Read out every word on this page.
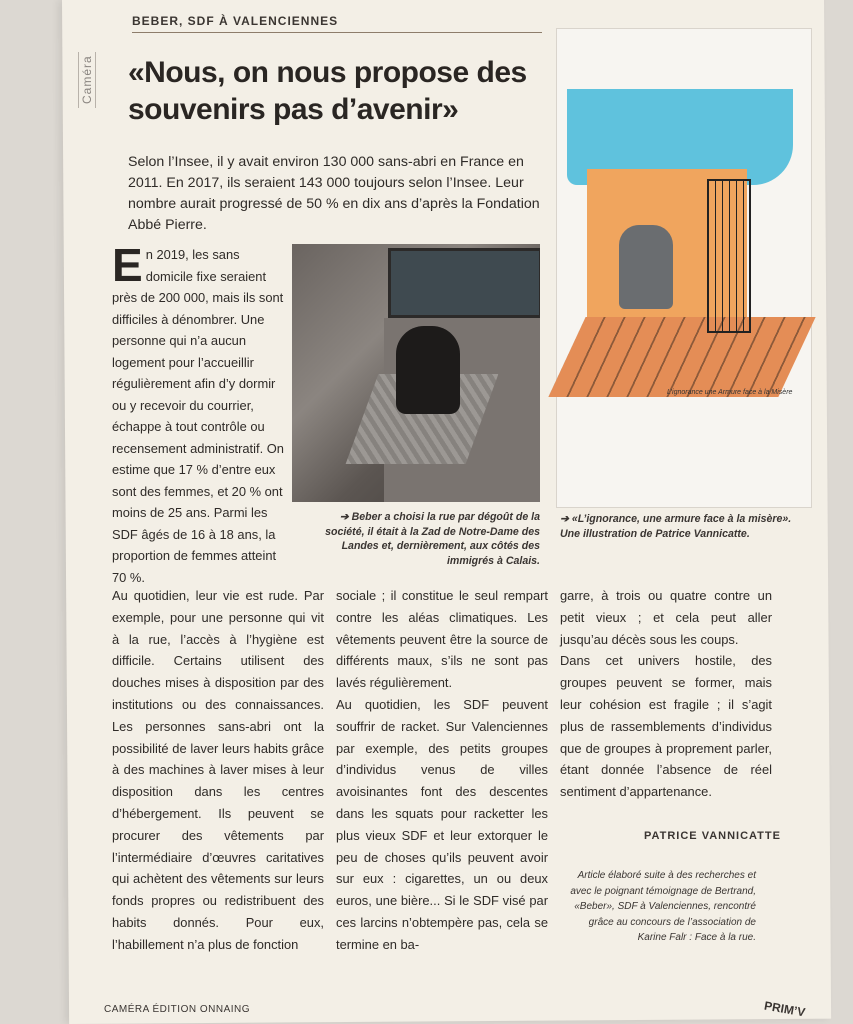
Caméra
BEBER, SDF À VALENCIENNES
«Nous, on nous propose des souvenirs pas d’avenir»
Selon l’Insee, il y avait environ 130 000 sans-abri en France en 2011. En 2017, ils seraient 143 000 toujours selon l’Insee. Leur nombre aurait progressé de 50 % en dix ans d’après la Fondation Abbé Pierre.
En 2019, les sans domicile fixe seraient près de 200 000, mais ils sont difficiles à dénombrer. Une personne qui n’a aucun logement pour l’accueillir régulièrement afin d’y dormir ou y recevoir du courrier, échappe à tout contrôle ou recensement administratif. On estime que 17 % d’entre eux sont des femmes, et 20 % ont moins de 25 ans. Parmi les SDF âgés de 16 à 18 ans, la proportion de femmes atteint 70 %.
➔ Beber a choisi la rue par dégoût de la société, il était à la Zad de Notre-Dame des Landes et, dernièrement, aux côtés des immigrés à Calais.
L’ignorance une Armure face à la Misère
➔ «L’ignorance, une armure face à la misère». Une illustration de Patrice Vannicatte.

Au quotidien, leur vie est rude. Par exemple, pour une personne qui vit à la rue, l’accès à l’hygiène est difficile. Certains utilisent des douches mises à disposition par des institutions ou des connaissances. Les personnes sans-abri ont la possibilité de laver leurs habits grâce à des machines à laver mises à leur disposition dans les centres d’hébergement. Ils peuvent se procurer des vêtements par l’intermédiaire d’œuvres caritatives qui achètent des vêtements sur leurs fonds propres ou redistribuent des habits donnés. Pour eux, l’habillement n’a plus de fonction

sociale ; il constitue le seul rempart contre les aléas climatiques. Les vêtements peuvent être la source de différents maux, s’ils ne sont pas lavés régulièrement.

Au quotidien, les SDF peuvent souffrir de racket. Sur Valenciennes par exemple, des petits groupes d’individus venus de villes avoisinantes font des descentes dans les squats pour racketter les plus vieux SDF et leur extorquer le peu de choses qu’ils peuvent avoir sur eux : cigarettes, un ou deux euros, une bière... Si le SDF visé par ces larcins n’obtempère pas, cela se termine en ba-

garre, à trois ou quatre contre un petit vieux ; et cela peut aller jusqu’au décès sous les coups.

Dans cet univers hostile, des groupes peuvent se former, mais leur cohésion est fragile ; il s’agit plus de rassemblements d’individus que de groupes à proprement parler, étant donnée l’absence de réel sentiment d’appartenance.

PATRICE VANNICATTE
Article élaboré suite à des recherches et avec le poignant témoignage de Bertrand, «Beber», SDF à Valenciennes, rencontré grâce au concours de l’association de Karine Falr : Face à la rue.
CAMÉRA ÉDITION ONNAING	PRIM’V
